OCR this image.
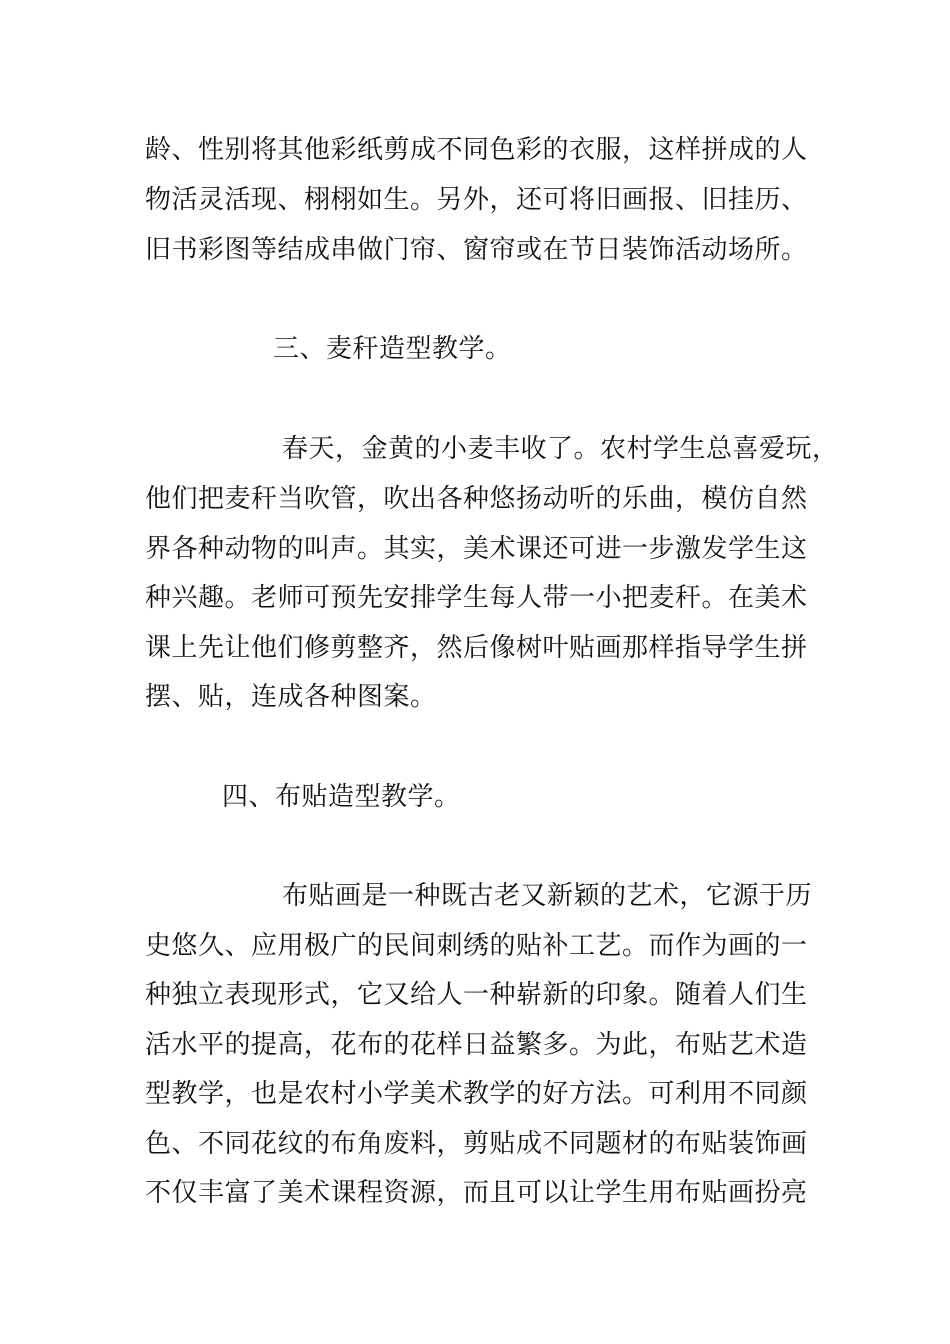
龄、性别将其他彩纸剪成不同色彩的衣服，这样拼成的人
物活灵活现、栩栩如生。另外，还可将旧画报、旧挂历、
旧书彩图等结成串做门帘、窗帘或在节日装饰活动场所。
三、麦秆造型教学。
春天，金黄的小麦丰收了。农村学生总喜爱玩，
他们把麦秆当吹管，吹出各种悠扬动听的乐曲，模仿自然
界各种动物的叫声。其实，美术课还可进一步激发学生这
种兴趣。老师可预先安排学生每人带一小把麦秆。在美术
课上先让他们修剪整齐，然后像树叶贴画那样指导学生拼
摆、贴，连成各种图案。
四、布贴造型教学。
布贴画是一种既古老又新颖的艺术，它源于历
史悠久、应用极广的民间刺绣的贴补工艺。而作为画的一
种独立表现形式，它又给人一种崭新的印象。随着人们生
活水平的提高，花布的花样日益繁多。为此，布贴艺术造
型教学，也是农村小学美术教学的好方法。可利用不同颜
色、不同花纹的布角废料，剪贴成不同题材的布贴装饰画
不仅丰富了美术课程资源，而且可以让学生用布贴画扮亮
